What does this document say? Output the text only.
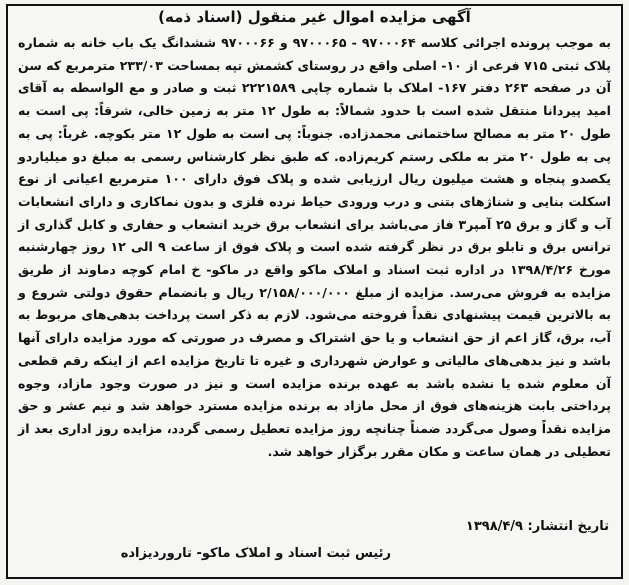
آگهی مزایده اموال غیر منقول (اسناد ذمه)
به موجب پرونده اجرائی کلاسه ۹۷۰۰۰۶۴ - ۹۷۰۰۰۶۵ و ۹۷۰۰۰۶۶ ششدانگ یک باب خانه به شماره پلاک ثبتی ۷۱۵ فرعی از ۱۰- اصلی واقع در روستای کشمش تپه بمساحت ۲۳۳/۰۳ مترمربع که سن آن در صفحه ۲۶۳ دفتر ۱۶۷- املاک با شماره چاپی ۲۲۲۱۵۸۹ ثبت و صادر و مع الواسطه به آقای امید پیردانا منتقل شده است با حدود شمالاً: به طول ۱۲ متر به زمین خالی، شرقاً: پی است به طول ۲۰ متر به مصالح ساختمانی محمدزاده. جنوباً: پی است به طول ۱۲ متر بکوچه. غرباً: پی به پی به طول ۲۰ متر به ملکی رستم کریم‌زاده. که طبق نظر کارشناس رسمی به مبلغ دو میلیاردو یکصدو پنجاه و هشت میلیون ریال ارزیابی شده و پلاک فوق دارای ۱۰۰ مترمربع اعیانی از نوع اسکلت بنایی و شناژهای بتنی و درب ورودی حیاط نرده فلزی و بدون نماکاری و دارای انشعابات آب و گاز و برق ۲۵ آمپر۳ فاز می‌باشد برای انشعاب برق خرید انشعاب و حفاری و کابل گذاری از ترانس برق و تابلو برق در نظر گرفته شده است و پلاک فوق از ساعت ۹ الی ۱۲ روز چهارشنبه مورخ ۱۳۹۸/۴/۲۶ در اداره ثبت اسناد و املاک ماکو واقع در ماکو- خ امام کوچه دماوند از طریق مزایده به فروش می‌رسد. مزایده از مبلغ ۲/۱۵۸/۰۰۰/۰۰۰ ریال و بانضمام حقوق دولتی شروع و به بالاترین قیمت پیشنهادی نقداً فروخته می‌شود. لازم به ذکر است پرداخت بدهی‌های مربوط به آب، برق، گاز اعم از حق انشعاب و یا حق اشتراک و مصرف در صورتی که مورد مزایده دارای آنها باشد و نیز بدهی‌های مالیاتی و عوارض شهرداری و غیره تا تاریخ مزایده اعم از اینکه رقم قطعی آن معلوم شده یا نشده باشد به عهده برنده مزایده است و نیز در صورت وجود مازاد، وجوه پرداختی بابت هزینه‌های فوق از محل مازاد به برنده مزایده مسترد خواهد شد و نیم عشر و حق مزایده نقداً وصول می‌گردد ضمناً چنانچه روز مزایده تعطیل رسمی گردد، مزایده روز اداری بعد از تعطیلی در همان ساعت و مکان مقرر برگزار خواهد شد.
تاریخ انتشار: ۱۳۹۸/۴/۹
رئیس ثبت اسناد و املاک ماکو- تاروردیزاده
